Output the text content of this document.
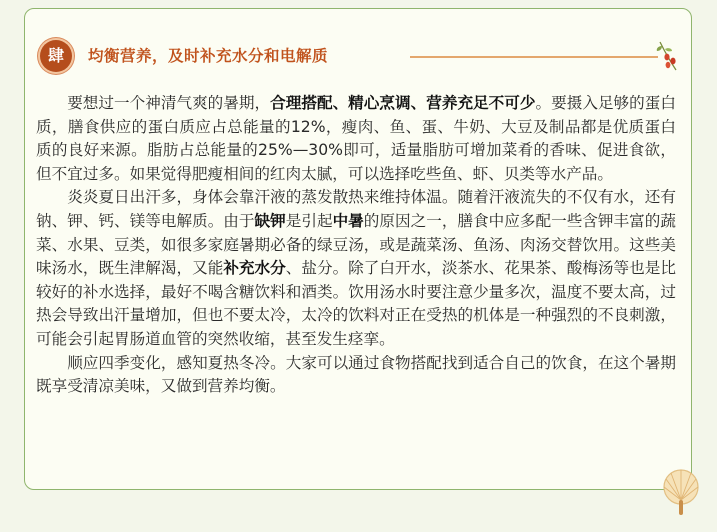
肆	均衡营养，及时补充水分和电解质

要想过一个神清气爽的暑期，合理搭配、精心烹调、营养充足不可少。要摄入足够的蛋白质，膳食供应的蛋白质应占总能量的12%，瘦肉、鱼、蛋、牛奶、大豆及制品都是优质蛋白质的良好来源。脂肪占总能量的25%—30%即可，适量脂肪可增加菜肴的香味、促进食欲，但不宜过多。如果觉得肥瘦相间的红肉太腻，可以选择吃些鱼、虾、贝类等水产品。

炎炎夏日出汗多，身体会靠汗液的蒸发散热来维持体温。随着汗液流失的不仅有水，还有钠、钾、钙、镁等电解质。由于缺钾是引起中暑的原因之一，膳食中应多配一些含钾丰富的蔬菜、水果、豆类，如很多家庭暑期必备的绿豆汤，或是蔬菜汤、鱼汤、肉汤交替饮用。这些美味汤水，既生津解渴，又能补充水分、盐分。除了白开水，淡茶水、花果茶、酸梅汤等也是比较好的补水选择，最好不喝含糖饮料和酒类。饮用汤水时要注意少量多次，温度不要太高，过热会导致出汗量增加，但也不要太冷，太冷的饮料对正在受热的机体是一种强烈的不良刺激，可能会引起胃肠道血管的突然收缩，甚至发生痉挛。

顺应四季变化，感知夏热冬冷。大家可以通过食物搭配找到适合自己的饮食，在这个暑期既享受清凉美味，又做到营养均衡。
